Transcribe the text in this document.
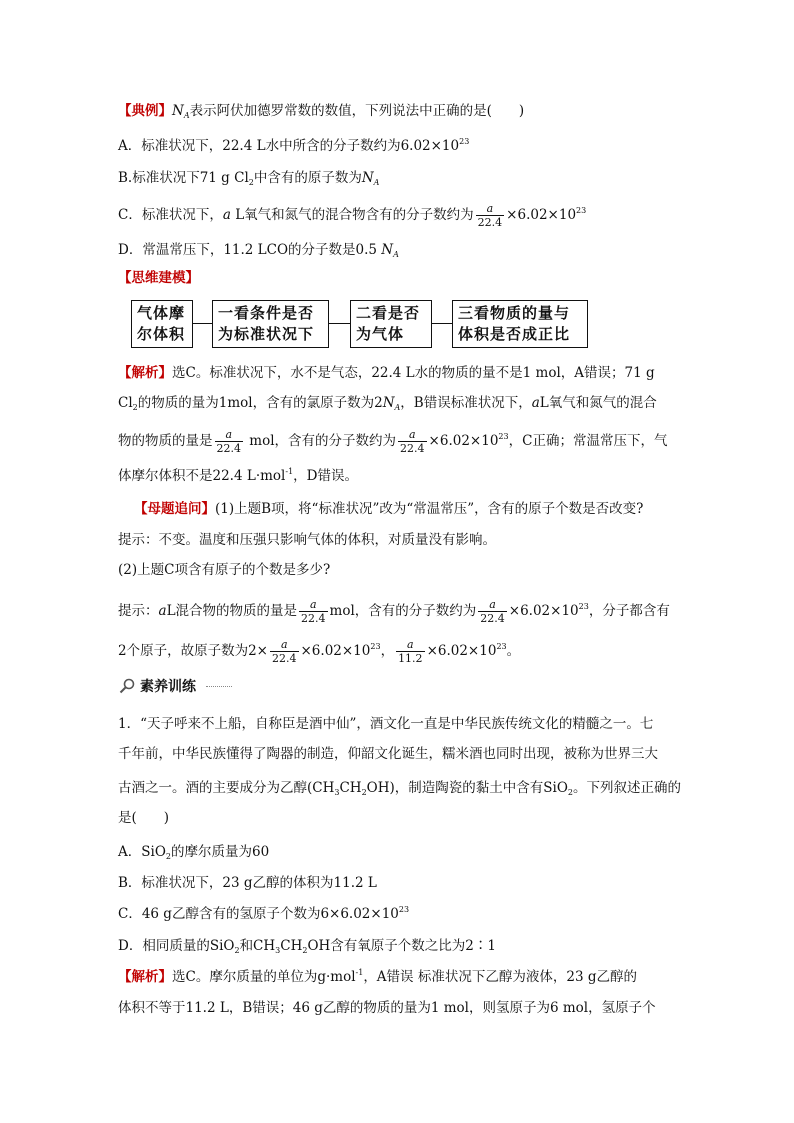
【典例】$N_A$表示阿伏加德罗常数的数值，下列说法中正确的是(　　)
A．标准状况下，22.4 L水中所含的分子数约为$6.02\times 10^{23}$
B.标准状况下71 g $Cl_2$中含有的原子数为$N_A$
C．标准状况下，a L氧气和氮气的混合物含有的分子数约为 $\frac{a}{22.4} \times 6.02\times 10^{23}$
D．常温常压下，11.2 LCO的分子数是0.5 $N_A$
【思维建模】
气体摩
尔体积
一看条件是否
为标准状况下
二看是否
为气体
三看物质的量与
体积是否成正比
【解析】选C。标准状况下，水不是气态，22.4 L水的物质的量不是1 mol，A错误；71 g
$Cl_2$的物质的量为1mol，含有的氯原子数为$2N_A$，B错误标准状况下，aL氧气和氮气的混合
物的物质的量是 $\frac{a}{22.4}$ mol，含有的分子数约为 $\frac{a}{22.4} \times 6.02\times 10^{23}$，C正确；常温常压下，气
体摩尔体积不是22.4 L·mol$^{-1}$，D错误。
【母题追问】(1)上题B项，将“标准状况”改为“常温常压”，含有的原子个数是否改变?
提示：不变。温度和压强只影响气体的体积，对质量没有影响。
(2)上题C项含有原子的个数是多少?
提示：aL混合物的物质的量是 $\frac{a}{22.4}$ mol，含有的分子数约为 $\frac{a}{22.4} \times 6.02\times 10^{23}$，分子都含有
2个原子，故原子数为$2\times \frac{a}{22.4} \times 6.02\times 10^{23}$， $\frac{a}{11.2} \times 6.02\times 10^{23}$。
素养训练
1．“天子呼来不上船，自称臣是酒中仙”，酒文化一直是中华民族传统文化的精髓之一。七
千年前，中华民族懂得了陶器的制造，仰韶文化诞生，糯米酒也同时出现，被称为世界三大
古酒之一。酒的主要成分为乙醇$(CH_3CH_2OH)$，制造陶瓷的黏土中含有SiO$_2$。下列叙述正确的
是(　　)
A．SiO$_2$的摩尔质量为60
B．标准状况下，23 g乙醇的体积为11.2 L
C．46 g乙醇含有的氢原子个数为$6\times 6.02\times 10^{23}$
D．相同质量的SiO$_2$和$CH_3CH_2OH$含有氧原子个数之比为2∶1
【解析】选C。摩尔质量的单位为g·mol$^{-1}$，A错误 标准状况下乙醇为液体，23 g乙醇的
体积不等于11.2 L，B错误；46 g乙醇的物质的量为1 mol，则氢原子为6 mol，氢原子个
